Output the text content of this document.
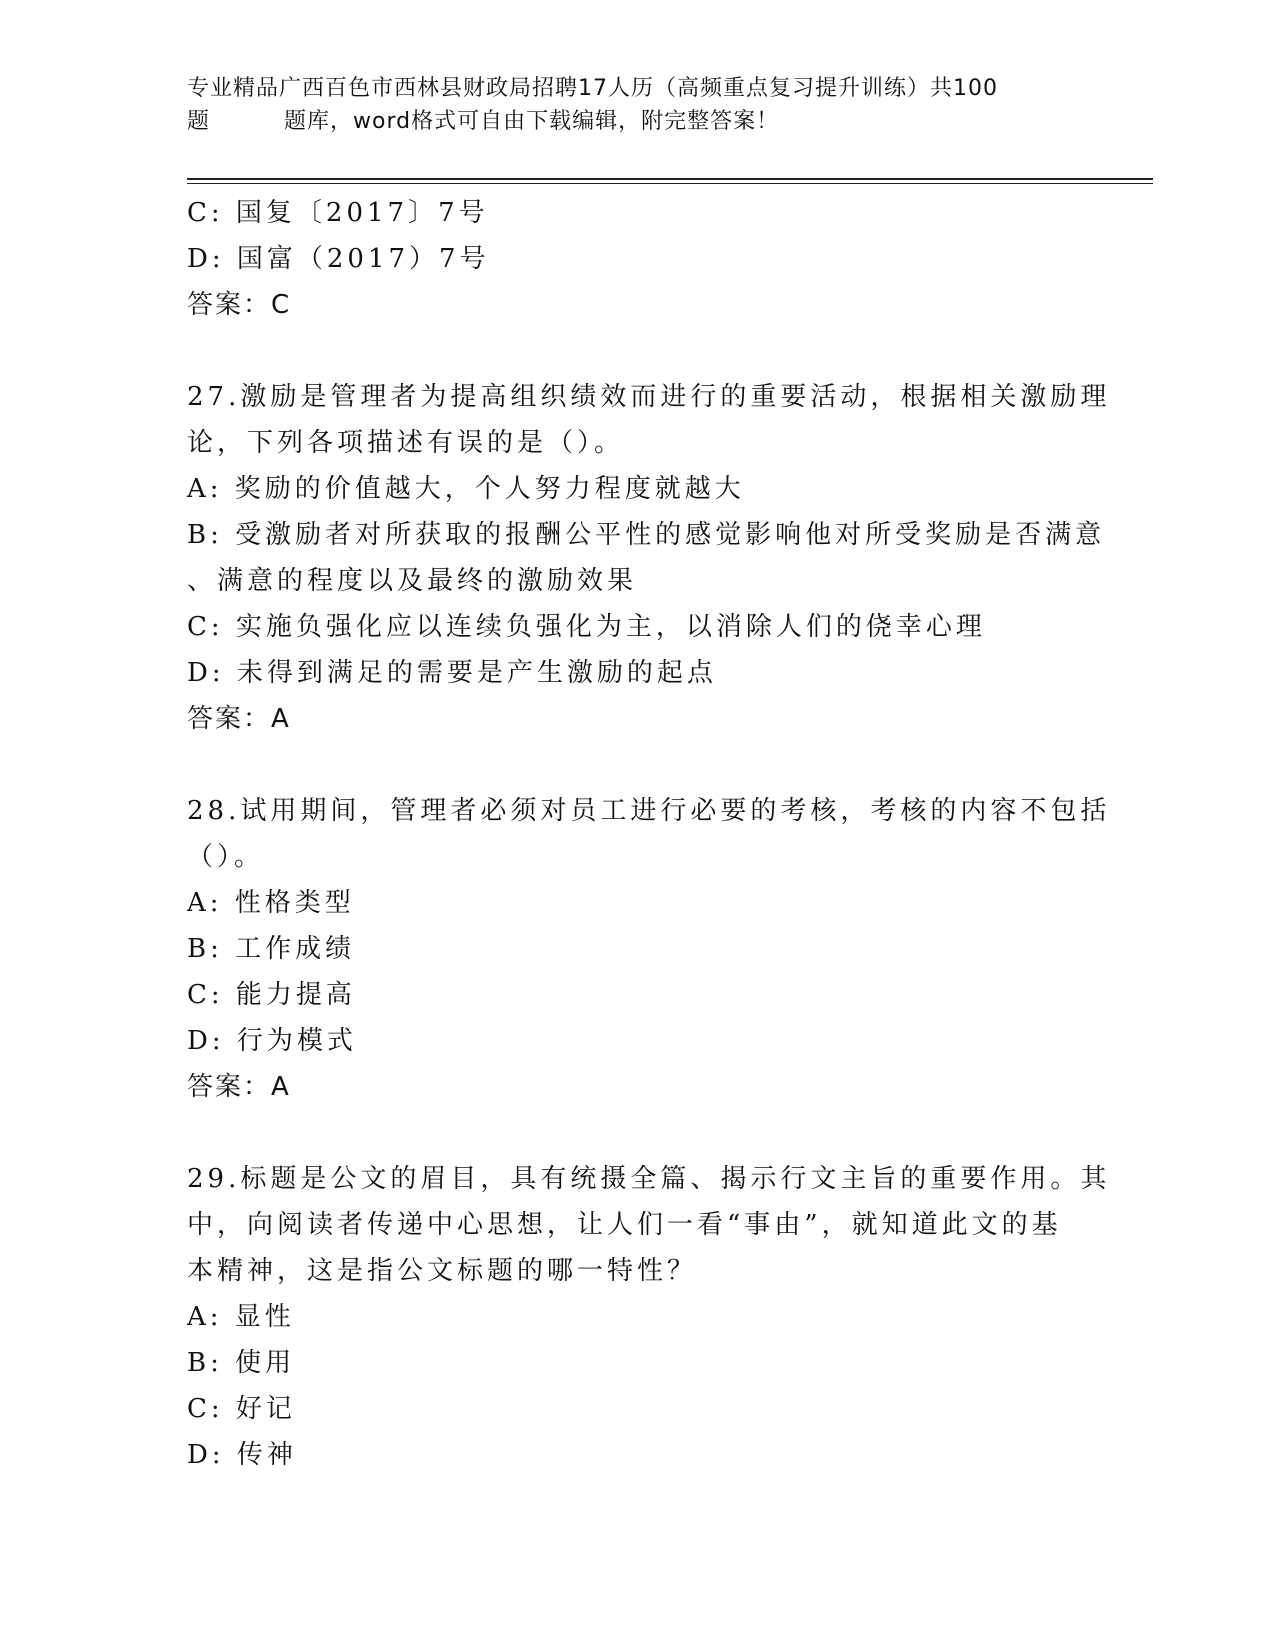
专业精品广西百色市西林县财政局招聘17人历（高频重点复习提升训练）共100
题	题库，word格式可自由下载编辑，附完整答案！
C: 国复〔2017〕7号
D: 国富（2017）7号
答案：C
27.激励是管理者为提高组织绩效而进行的重要活动，根据相关激励理
论，下列各项描述有误的是（）。
A: 奖励的价值越大，个人努力程度就越大
B: 受激励者对所获取的报酬公平性的感觉影响他对所受奖励是否满意
、满意的程度以及最终的激励效果
C: 实施负强化应以连续负强化为主，以消除人们的侥幸心理
D: 未得到满足的需要是产生激励的起点
答案：A
28.试用期间，管理者必须对员工进行必要的考核，考核的内容不包括
（）。
A: 性格类型
B: 工作成绩
C: 能力提高
D: 行为模式
答案：A
29.标题是公文的眉目，具有统摄全篇、揭示行文主旨的重要作用。其
中，向阅读者传递中心思想，让人们一看“事由”，就知道此文的基
本精神，这是指公文标题的哪一特性？
A: 显性
B: 使用
C: 好记
D: 传神
